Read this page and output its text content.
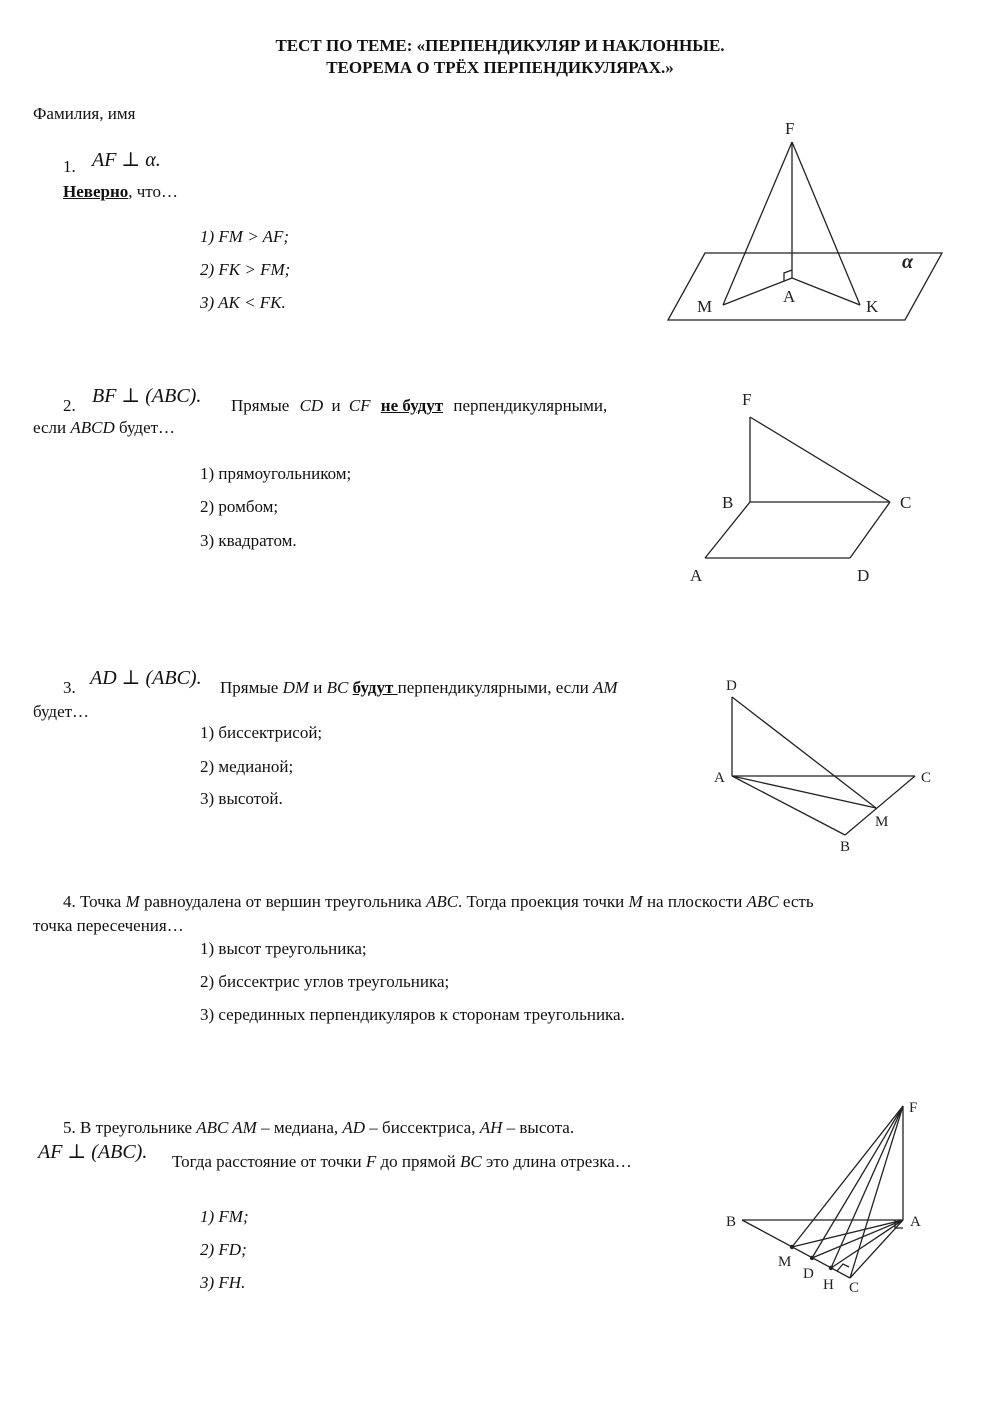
ТЕСТ ПО ТЕМЕ: «ПЕРПЕНДИКУЛЯР И НАКЛОННЫЕ.
ТЕОРЕМА О ТРЁХ ПЕРПЕНДИКУЛЯРАХ.»
Фамилия, имя
1. AF ⊥ α.
Неверно, что…
1) FM > AF;
2) FK > FM;
3) AK < FK.
F
M
A
K
α
2. BF ⊥ (ABC). Прямые CD и CF не будут перпендикулярными,
если ABCD будет…
1) прямоугольником;
2) ромбом;
3) квадратом.
F
B	C
A	D
3. AD ⊥ (ABC). Прямые DM и BC будут перпендикулярными, если AM
будет…
1) биссектрисой;
2) медианой;
3) высотой.
D
A	C
M
B
4. Точка M равноудалена от вершин треугольника ABC. Тогда проекция точки M на плоскости ABC есть
точка пересечения…
1) высот треугольника;
2) биссектрис углов треугольника;
3) серединных перпендикуляров к сторонам треугольника.
5. В треугольнике ABC AM – медиана, AD – биссектриса, AH – высота.
AF ⊥ (ABC). Тогда расстояние от точки F до прямой BC это длина отрезка…
1) FM;
2) FD;
3) FH.
F
B	A
M
D
H C
